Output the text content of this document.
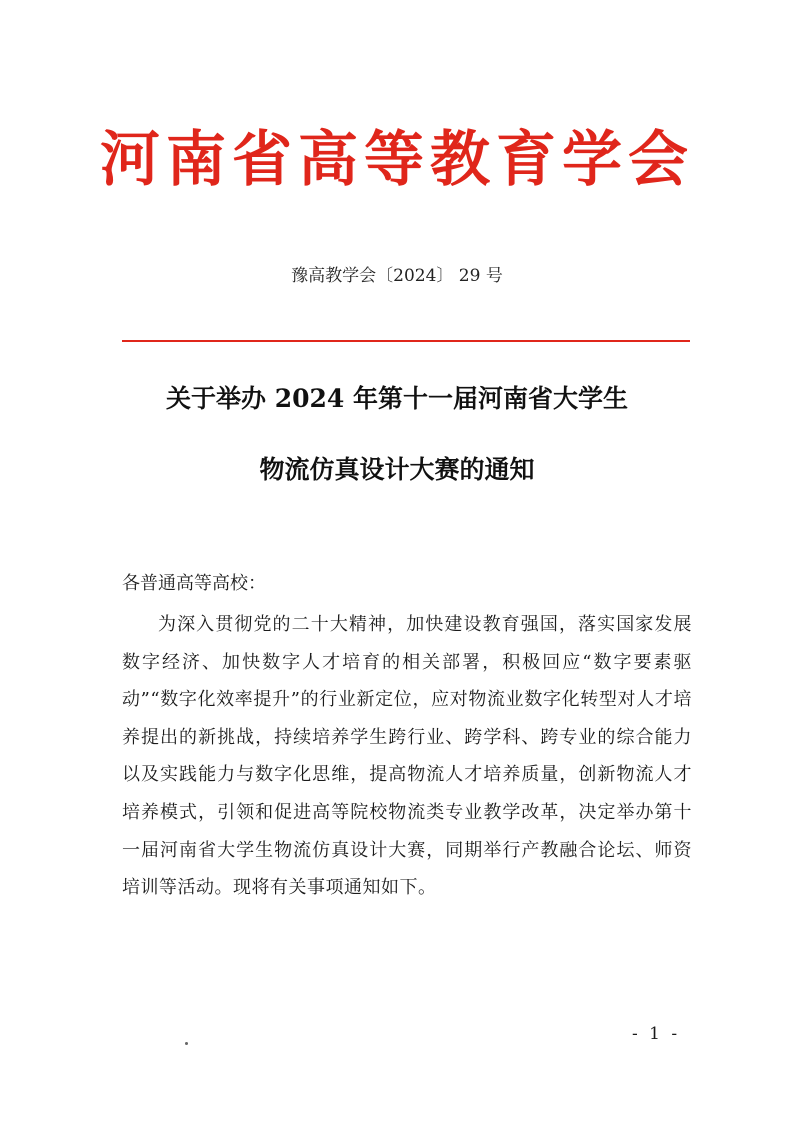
河南省高等教育学会
豫高教学会〔2024〕 29 号
关于举办 2024 年第十一届河南省大学生
物流仿真设计大赛的通知
各普通高等高校：

为深入贯彻党的二十大精神，加快建设教育强国，落实国家发展数字经济、加快数字人才培育的相关部署，积极回应“数字要素驱动”“数字化效率提升”的行业新定位，应对物流业数字化转型对人才培养提出的新挑战，持续培养学生跨行业、跨学科、跨专业的综合能力以及实践能力与数字化思维，提高物流人才培养质量，创新物流人才培养模式，引领和促进高等院校物流类专业教学改革，决定举办第十一届河南省大学生物流仿真设计大赛，同期举行产教融合论坛、师资培训等活动。现将有关事项通知如下。

- 1 -
